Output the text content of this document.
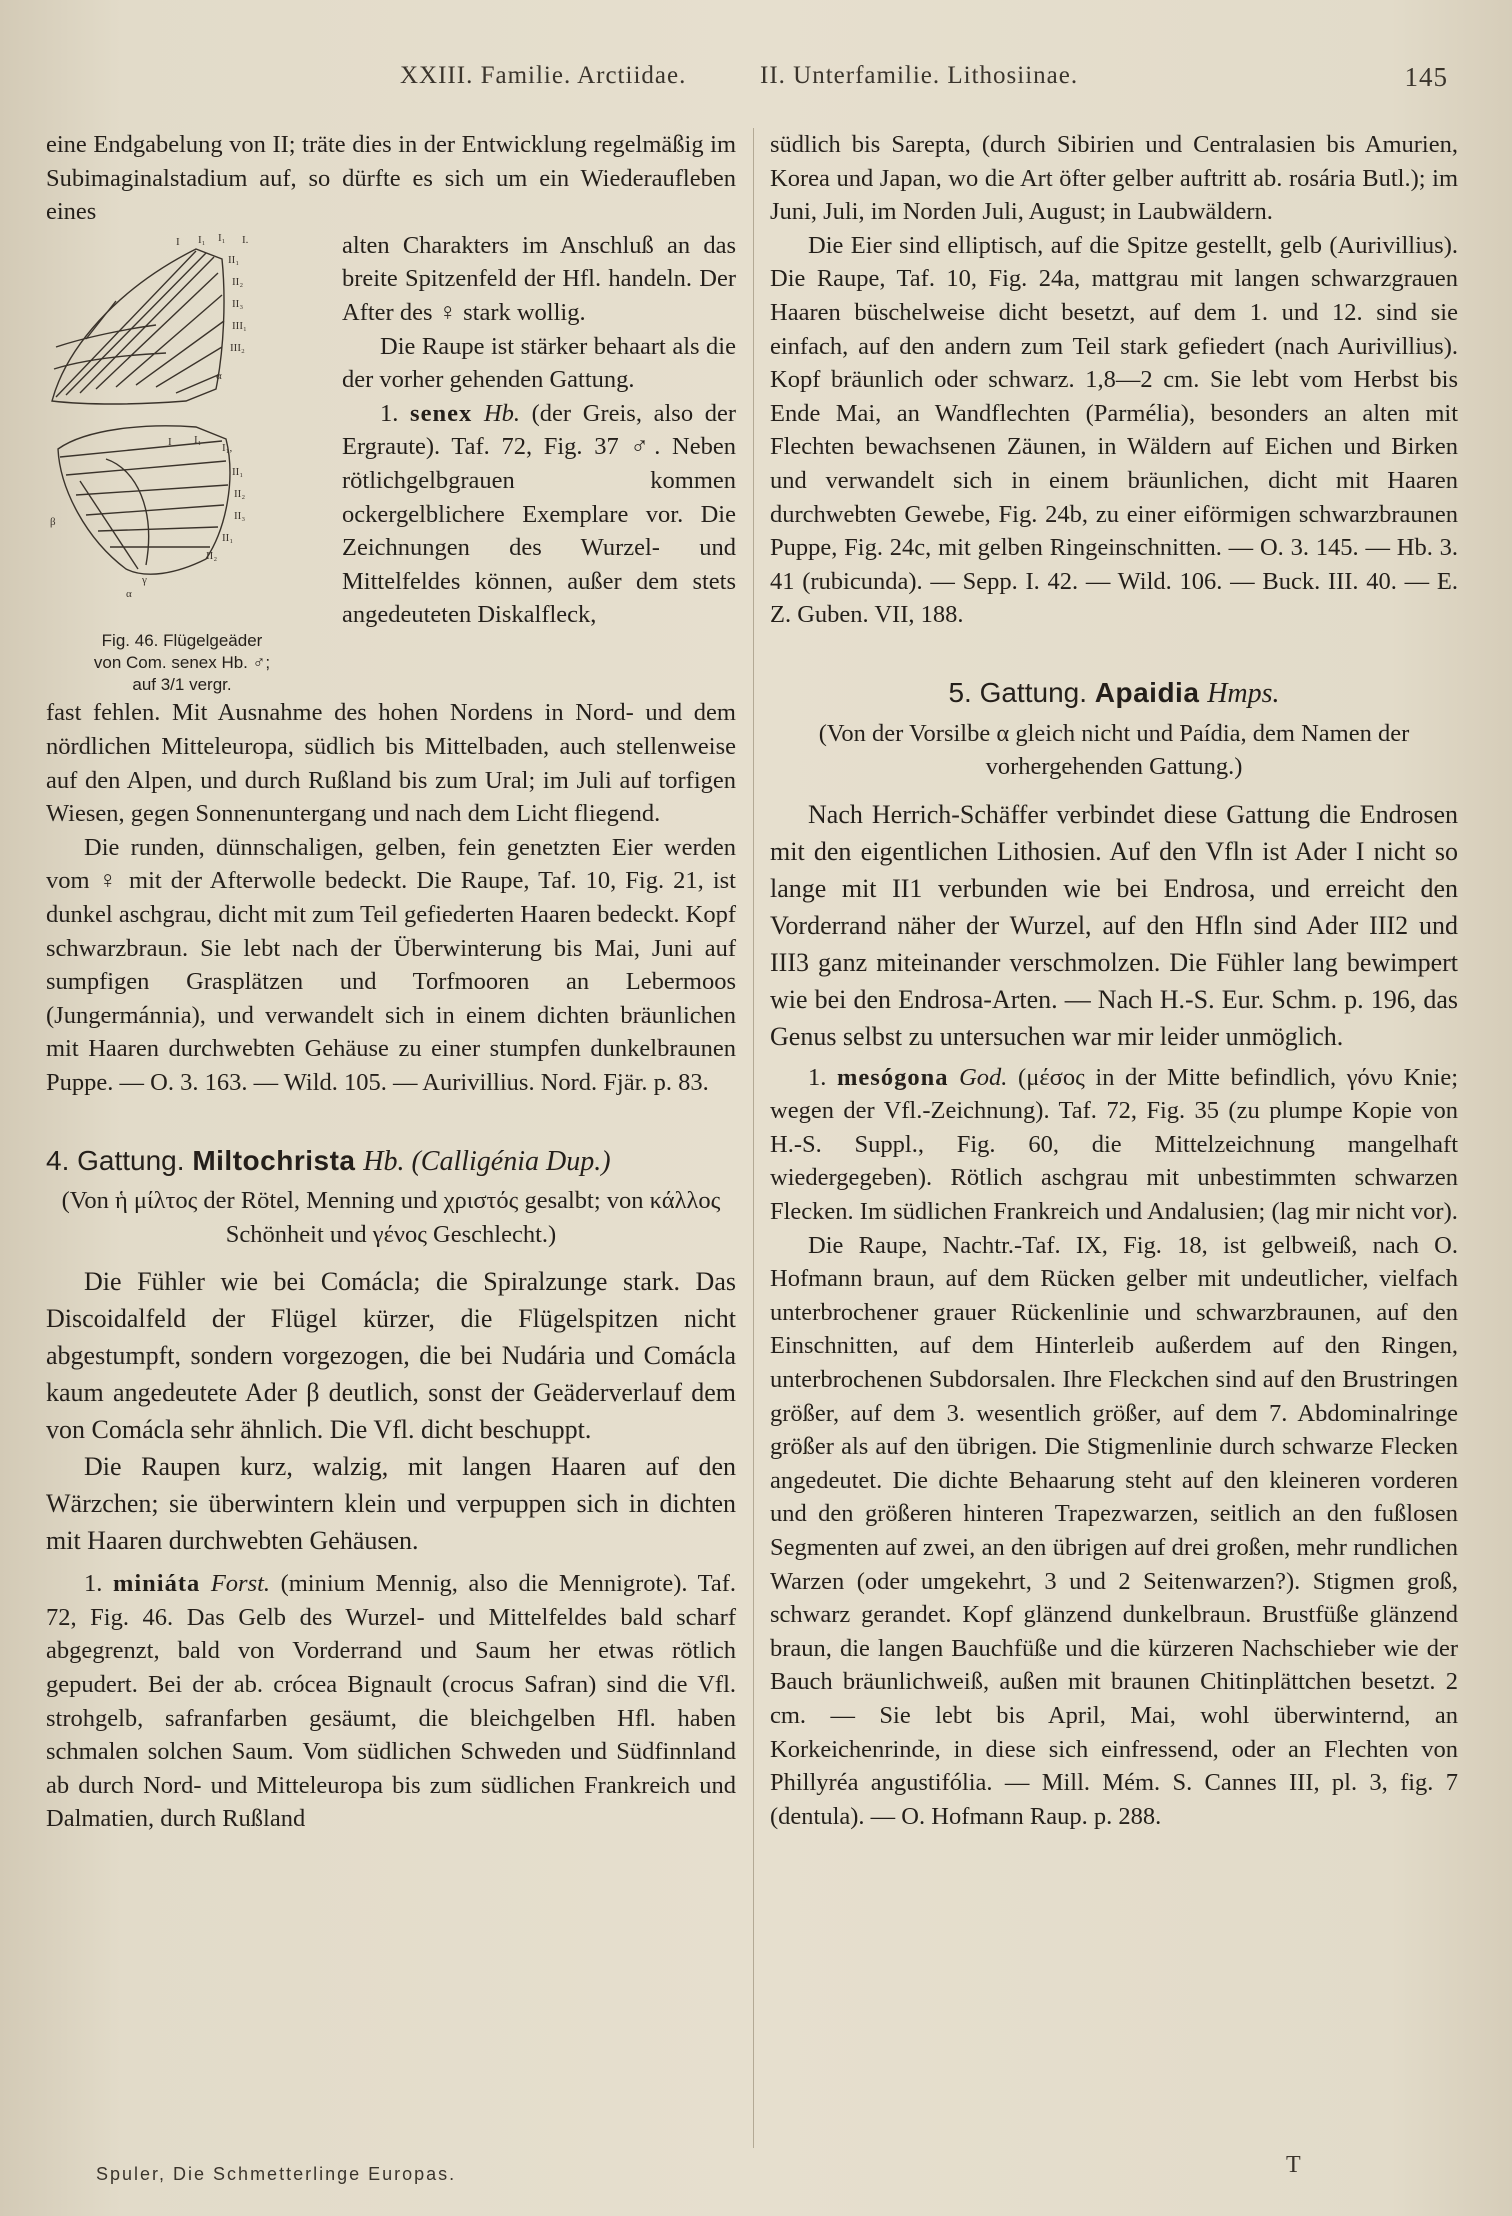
XXIII. Familie. Arctiidae.	II. Unterfamilie. Lithosiinae.	145

eine Endgabelung von II; träte dies in der Entwicklung regelmäßig im Subimaginalstadium auf, so dürfte es sich um ein Wiederaufleben eines

I I₁ I₁ I.
II₁
II₂
II₃
III₁
III₂
α
I I₁
I₁,
II₁
II₂
II₃
II₁
II₂
β
γ
α
Fig. 46. Flügelgeäder
von Com. senex Hb. ♂;
auf 3/1 vergr.

alten Charakters im Anschluß an das breite Spitzenfeld der Hfl. handeln. Der After des ♀ stark wollig.

Die Raupe ist stärker behaart als die der vorher gehenden Gattung.

1. senex Hb. (der Greis, also der Ergraute). Taf. 72, Fig. 37 ♂. Neben rötlichgelbgrauen kommen ockergelblichere Exemplare vor. Die Zeichnungen des Wurzel- und Mittelfeldes können, außer dem stets angedeuteten Diskalfleck,

fast fehlen. Mit Ausnahme des hohen Nordens in Nord- und dem nördlichen Mitteleuropa, südlich bis Mittelbaden, auch stellenweise auf den Alpen, und durch Rußland bis zum Ural; im Juli auf torfigen Wiesen, gegen Sonnenuntergang und nach dem Licht fliegend.

Die runden, dünnschaligen, gelben, fein genetzten Eier werden vom ♀ mit der Afterwolle bedeckt. Die Raupe, Taf. 10, Fig. 21, ist dunkel aschgrau, dicht mit zum Teil gefiederten Haaren bedeckt. Kopf schwarzbraun. Sie lebt nach der Überwinterung bis Mai, Juni auf sumpfigen Grasplätzen und Torfmooren an Lebermoos (Jungermánnia), und verwandelt sich in einem dichten bräunlichen mit Haaren durchwebten Gehäuse zu einer stumpfen dunkelbraunen Puppe. — O. 3. 163. — Wild. 105. — Aurivillius. Nord. Fjär. p. 83.

4. Gattung. Miltochrista Hb. (Calligénia Dup.)

(Von ἡ μίλτος der Rötel, Menning und χριστός gesalbt; von κάλλος Schönheit und γένος Geschlecht.)

Die Fühler wie bei Comácla; die Spiralzunge stark. Das Discoidalfeld der Flügel kürzer, die Flügelspitzen nicht abgestumpft, sondern vorgezogen, die bei Nudária und Comácla kaum angedeutete Ader β deutlich, sonst der Geäderverlauf dem von Comácla sehr ähnlich. Die Vfl. dicht beschuppt.

Die Raupen kurz, walzig, mit langen Haaren auf den Wärzchen; sie überwintern klein und verpuppen sich in dichten mit Haaren durchwebten Gehäusen.

1. miniáta Forst. (minium Mennig, also die Mennigrote). Taf. 72, Fig. 46. Das Gelb des Wurzel- und Mittelfeldes bald scharf abgegrenzt, bald von Vorderrand und Saum her etwas rötlich gepudert. Bei der ab. crócea Bignault (crocus Safran) sind die Vfl. strohgelb, safranfarben gesäumt, die bleichgelben Hfl. haben schmalen solchen Saum. Vom südlichen Schweden und Südfinnland ab durch Nord- und Mitteleuropa bis zum südlichen Frankreich und Dalmatien, durch Rußland

südlich bis Sarepta, (durch Sibirien und Centralasien bis Amurien, Korea und Japan, wo die Art öfter gelber auftritt ab. rosária Butl.); im Juni, Juli, im Norden Juli, August; in Laubwäldern.

Die Eier sind elliptisch, auf die Spitze gestellt, gelb (Aurivillius). Die Raupe, Taf. 10, Fig. 24a, mattgrau mit langen schwarzgrauen Haaren büschelweise dicht besetzt, auf dem 1. und 12. sind sie einfach, auf den andern zum Teil stark gefiedert (nach Aurivillius). Kopf bräunlich oder schwarz. 1,8—2 cm. Sie lebt vom Herbst bis Ende Mai, an Wandflechten (Parmélia), besonders an alten mit Flechten bewachsenen Zäunen, in Wäldern auf Eichen und Birken und verwandelt sich in einem bräunlichen, dicht mit Haaren durchwebten Gewebe, Fig. 24b, zu einer eiförmigen schwarzbraunen Puppe, Fig. 24c, mit gelben Ringeinschnitten. — O. 3. 145. — Hb. 3. 41 (rubicunda). — Sepp. I. 42. — Wild. 106. — Buck. III. 40. — E. Z. Guben. VII, 188.

5. Gattung. Apaidia Hmps.

(Von der Vorsilbe α gleich nicht und Paídia, dem Namen der vorhergehenden Gattung.)

Nach Herrich-Schäffer verbindet diese Gattung die Endrosen mit den eigentlichen Lithosien. Auf den Vfln ist Ader I nicht so lange mit II1 verbunden wie bei Endrosa, und erreicht den Vorderrand näher der Wurzel, auf den Hfln sind Ader III2 und III3 ganz miteinander verschmolzen. Die Fühler lang bewimpert wie bei den Endrosa-Arten. — Nach H.-S. Eur. Schm. p. 196, das Genus selbst zu untersuchen war mir leider unmöglich.

1. mesógona God. (μέσος in der Mitte befindlich, γόνυ Knie; wegen der Vfl.-Zeichnung). Taf. 72, Fig. 35 (zu plumpe Kopie von H.-S. Suppl., Fig. 60, die Mittelzeichnung mangelhaft wiedergegeben). Rötlich aschgrau mit unbestimmten schwarzen Flecken. Im südlichen Frankreich und Andalusien; (lag mir nicht vor).

Die Raupe, Nachtr.-Taf. IX, Fig. 18, ist gelbweiß, nach O. Hofmann braun, auf dem Rücken gelber mit undeutlicher, vielfach unterbrochener grauer Rückenlinie und schwarzbraunen, auf den Einschnitten, auf dem Hinterleib außerdem auf den Ringen, unterbrochenen Subdorsalen. Ihre Fleckchen sind auf den Brustringen größer, auf dem 3. wesentlich größer, auf dem 7. Abdominalringe größer als auf den übrigen. Die Stigmenlinie durch schwarze Flecken angedeutet. Die dichte Behaarung steht auf den kleineren vorderen und den größeren hinteren Trapezwarzen, seitlich an den fußlosen Segmenten auf zwei, an den übrigen auf drei großen, mehr rundlichen Warzen (oder umgekehrt, 3 und 2 Seitenwarzen?). Stigmen groß, schwarz gerandet. Kopf glänzend dunkelbraun. Brustfüße glänzend braun, die langen Bauchfüße und die kürzeren Nachschieber wie der Bauch bräunlichweiß, außen mit braunen Chitinplättchen besetzt. 2 cm. — Sie lebt bis April, Mai, wohl überwinternd, an Korkeichenrinde, in diese sich einfressend, oder an Flechten von Phillyréa angustifólia. — Mill. Mém. S. Cannes III, pl. 3, fig. 7 (dentula). — O. Hofmann Raup. p. 288.

Spuler, Die Schmetterlinge Europas.	T
